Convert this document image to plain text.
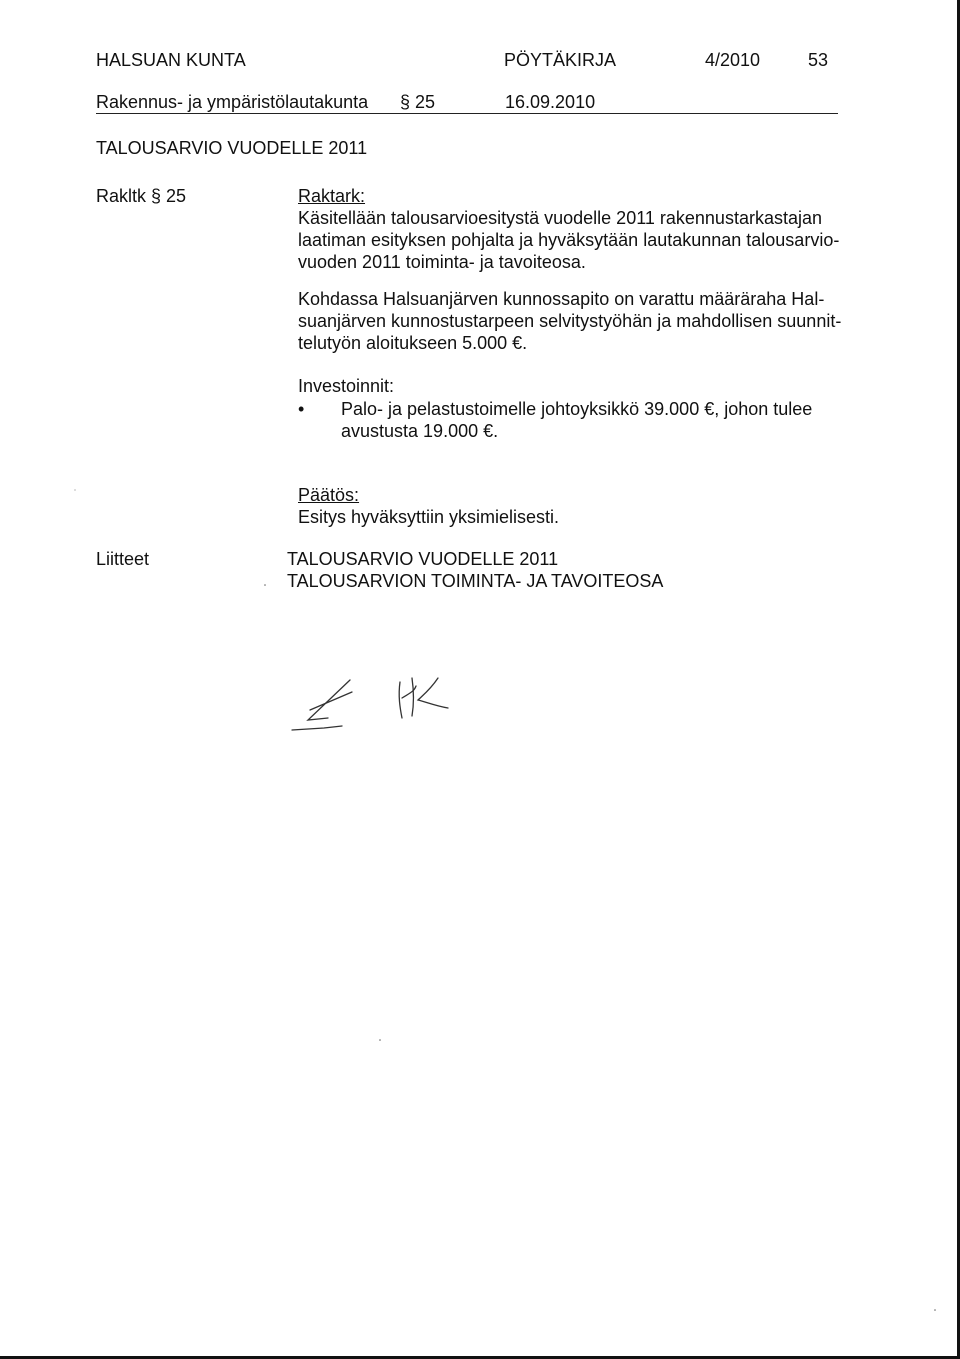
HALSUAN KUNTA	PÖYTÄKIRJA	4/2010	53
Rakennus- ja ympäristölautakunta § 25	16.09.2010
TALOUSARVIO VUODELLE 2011
Rakltk § 25	Raktark:

Käsitellään talousarvioesitystä vuodelle 2011 rakennustarkastajan

laatiman esityksen pohjalta ja hyväksytään lautakunnan talousarvio-

vuoden 2011 toiminta- ja tavoiteosa.

Kohdassa Halsuanjärven kunnossapito on varattu määräraha Hal-

suanjärven kunnostustarpeen selvitystyöhän ja mahdollisen suunnit-

telutyön aloitukseen 5.000 €.

Investoinnit:
• Palo- ja pelastustoimelle johtoyksikkö 39.000 €, johon tulee

avustusta 19.000 €.

Päätös:
Esitys hyväksyttiin yksimielisesti.
Liitteet	TALOUSARVIO VUODELLE 2011
TALOUSARVION TOIMINTA- JA TAVOITEOSA
